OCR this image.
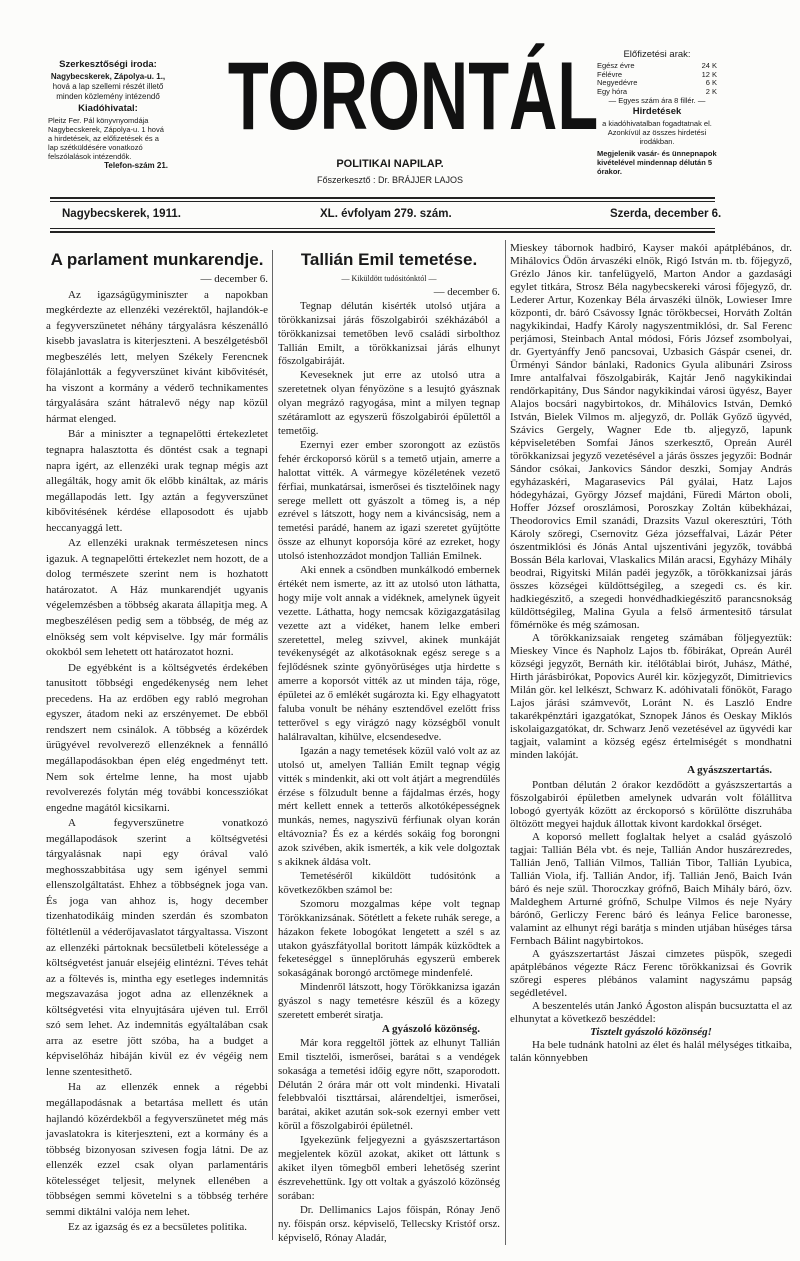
Szerkesztőségi iroda:
Nagybecskerek, Zápolya-u. 1.,
hová a lap szellemi részét illető minden közlemény intézendő
Kiadóhivatal:
Pleitz Fer. Pál könyvnyomdája Nagybecskerek, Zápolya-u. 1 hová a hirdetések, az előfizetések és a lap szétküldésére vonatkozó felszólalások intézendők.
Telefon-szám 21.
TORONTÁL
POLITIKAI NAPILAP.
Főszerkesztő : Dr. BRÁJJER LAJOS
Előfizetési arak:
Egész évre	24 K
Félévre	12 K
Negyedévre	6 K
Egy hóra	2 K
— Egyes szám ára 8 fillér. —
Hirdetések
a kiadóhivatalban fogadtatnak el. Azonkívül az összes hirdetési irodákban.
Megjelenik vasár- és ünnepnapok kivételével mindennap délután 5 órakor.
Nagybecskerek, 1911.	XL. évfolyam 279. szám.	Szerda, december 6.

A parlament munkarendje.

— december 6.

Az igazságügyminiszter a napokban megkérdezte az ellenzéki vezérektől, hajlandók-e a fegyverszünetet néhány tárgyalásra készenálló kisebb javaslatra is kiterjeszteni. A beszélgetésből megbeszélés lett, melyen Székely Ferencnek fölajánlották a fegyverszünet kivánt kibővitését, ha viszont a kormány a véderő technikamentes tárgyalására szánt hátralevő négy nap közül hármat elenged.

Bár a miniszter a tegnapelőtti értekezletet tegnapra halasztotta és döntést csak a tegnapi napra igért, az ellenzéki urak tegnap mégis azt allegálták, hogy amit ők előbb kináltak, az máris megállapodás lett. Igy aztán a fegyverszünet kibővitésének kérdése ellaposodott és ujabb heccanyaggá lett.

Az ellenzéki uraknak természetesen nincs igazuk. A tegnapelőtti értekezlet nem hozott, de a dolog természete szerint nem is hozhatott határozatot. A Ház munkarendjét ugyanis végelemzésben a többség akarata állapitja meg. A megbeszélésen pedig sem a többség, de még az elnökség sem volt képviselve. Igy már formális okokból sem lehetett ott határozatot hozni.

De egyébként is a költségvetés érdekében tanusitott többségi engedékenység nem lehet precedens. Ha az erdőben egy rabló megrohan egyszer, átadom neki az erszényemet. De ebből rendszert nem csinálok. A többség a közérdek ürügyével revolverező ellenzéknek a fennálló megállapodásokban épen elég engedményt tett. Nem sok értelme lenne, ha most ujabb revolverezés folytán még további koncessziókat engedne magától kicsikarni.

A fegyverszünetre vonatkozó megállapodások szerint a költségvetési tárgyalásnak napi egy órával való meghosszabbitása ugy sem igényel semmi ellenszolgáltatást. Ehhez a többségnek joga van. És joga van ahhoz is, hogy december tizenhatodikáig minden szerdán és szombaton föltétlenül a véderőjavaslatot tárgyaltassa. Viszont az ellenzéki pártoknak becsületbeli kötelessége a költségvetést január elsejéig elintézni. Téves tehát az a föltevés is, mintha egy esetleges indemnitás megszavazása jogot adna az ellenzéknek a költségvetési vita elnyujtására ujéven tul. Erről szó sem lehet. Az indemnitás egyáltalában csak arra az esetre jött szóba, ha a budget a képviselőház hibáján kivül ez év végéig nem lenne szentesithető.

Ha az ellenzék ennek a régebbi megállapodásnak a betartása mellett és után hajlandó közérdekből a fegyverszünetet még más javaslatokra is kiterjeszteni, ezt a kormány és a többség bizonyosan szivesen fogja látni. De az ellenzék ezzel csak olyan parlamentáris kötelességet teljesit, melynek ellenében a többségen semmi követelni s a többség terhére semmi diktálni valója nem lehet.

Ez az igazság és ez a becsületes politika.

Tallián Emil temetése.

— Kiküldött tudósitónktól —

— december 6.

Tegnap délután kisérték utolsó utjára a törökkanizsai járás főszolgabirói székházából a törökkanizsai temetőben levő családi sirbolthoz Tallián Emilt, a törökkanizsai járás elhunyt főszolgabiráját.

Keveseknek jut erre az utolsó utra a szeretetnek olyan fényözöne s a lesujtó gyásznak olyan megrázó ragyogása, mint a milyen tegnap szétáramlott az egyszerü főszolgabirói épülettől a temetőig.

Ezernyi ezer ember szorongott az ezüstös fehér érckoporsó körül s a temető utjain, amerre a halottat vitték. A vármegye közéletének vezető férfiai, munkatársai, ismerősei és tisztelőinek nagy serege mellett ott gyászolt a tömeg is, a nép ezrével s látszott, hogy nem a kiváncsiság, nem a temetési parádé, hanem az igazi szeretet gyüjtötte össze az elhunyt koporsója köré az ezreket, hogy utolsó istenhozzádot mondjon Tallián Emilnek.

Aki ennek a csöndben munkálkodó embernek értékét nem ismerte, az itt az utolsó uton láthatta, hogy mije volt annak a vidéknek, amelynek ügyeit vezette. Láthatta, hogy nemcsak közigazgatásilag vezette azt a vidéket, hanem lelke emberi szeretettel, meleg szivvel, akinek munkáját tevékenységét az alkotásoknak egész serege s a fejlődésnek szinte gyönyörüséges utja hirdette s amerre a koporsót vitték az ut minden tája, röge, épületei az ő emlékét sugározta ki. Egy elhagyatott faluba vonult be néhány esztendővel ezelőtt friss tetterővel s egy virágzó nagy községből vonult halálravaltan, kihülve, elcsendesedve.

Igazán a nagy temetések közül való volt az az utolsó ut, amelyen Tallián Emilt tegnap végig vitték s mindenkit, aki ott volt átjárt a megrendülés érzése s fölzudult benne a fájdalmas érzés, hogy mért kellett ennek a tetterős alkotóképességnek munkás, nemes, nagyszivü férfiunak olyan korán eltávoznia? És ez a kérdés sokáig fog borongni azok szivében, akik ismerték, a kik vele dolgoztak s akiknek áldása volt.

Temetéséről kiküldött tudósitónk a következőkben számol be:

Szomoru mozgalmas képe volt tegnap Törökkanizsának. Sötétlett a fekete ruhák serege, a házakon fekete lobogókat lengetett a szél s az utakon gyászfátyollal boritott lámpák küzködtek a feketeséggel s ünneplőruhás egyszerü emberek sokaságának borongó arctömege mindenfelé.

Mindenről látszott, hogy Törökkanizsa igazán gyászol s nagy temetésre készül és a közegy szeretett emberét siratja.

A gyászoló közönség.

Már kora reggeltől jöttek az elhunyt Tallián Emil tisztelői, ismerősei, barátai s a vendégek sokasága a temetési időig egyre nőtt, szaporodott. Délután 2 órára már ott volt mindenki. Hivatali felebbvalói tiszttársai, alárendeltjei, ismerősei, barátai, akiket azután sok-sok ezernyi ember vett körül a főszolgabirói épületnél.

Igyekezünk feljegyezni a gyászszertartáson megjelentek közül azokat, akiket ott láttunk s akiket ilyen tömegből emberi lehetőség szerint észrevehettünk. Igy ott voltak a gyászoló közönség sorában:

Dr. Dellimanics Lajos főispán, Rónay Jenő ny. főispán orsz. képviselő, Tellecsky Kristóf orsz. képviselő, Rónay Aladár,

Mieskey tábornok hadbiró, Kayser makói apátplébános, dr. Mihálovics Ödön árvaszéki elnök, Rigó István m. tb. főjegyző, Grézlo János kir. tanfelügyelő, Marton Andor a gazdasági egylet titkára, Strosz Béla nagybecskereki városi főjegyző, dr. Lederer Artur, Kozenkay Béla árvaszéki ülnök, Lowieser Imre központi, dr. báró Csávossy Ignác törökbecsei, Horváth Zoltán nagykikindai, Hadfy Károly nagyszentmiklósi, dr. Sal Ferenc perjámosi, Steinbach Antal módosi, Fóris József zsombolyai, dr. Gyertyánffy Jenő pancsovai, Uzbasich Gáspár csenei, dr. Ürményi Sándor bánlaki, Radonics Gyula alibunári Zsiross Imre antalfalvai főszolgabirák, Kajtár Jenő nagykikindai rendőrkapitány, Dus Sándor nagykikindai városi ügyész, Bayer Alajos bocsári nagybirtokos, dr. Mihálovics István, Demkó István, Bielek Vilmos m. aljegyző, dr. Pollák Győző ügyvéd, Szávics Gergely, Wagner Ede tb. aljegyző, lapunk képviseletében Somfai János szerkesztő, Opreán Aurél törökkanizsai jegyző vezetésével a járás összes jegyzői: Bodnár Sándor csókai, Jankovics Sándor deszki, Somjay András egyházaskéri, Magarasevics Pál gyálai, Hatz Lajos hódegyházai, György József majdáni, Füredi Márton oboli, Hoffer József oroszlámosi, Poroszkay Zoltán kübekházai, Theodorovics Emil szanádi, Drazsits Vazul okeresztúri, Tóth Károly szőregi, Csernovitz Géza józseffalvai, Lázár Péter ószentmiklósi és Jónás Antal ujszentiváni jegyzők, továbbá Bossán Béla karlovai, Vlaskalics Milán aracsi, Egyházy Mihály beodrai, Rigyitski Milán padéi jegyzők, a törökkanizsai járás összes községei küldöttségileg, a szegedi cs. és kir. hadkiegészitő, a szegedi honvédhadkiegészitő parancsnokság küldöttségileg, Malina Gyula a felső ármentesitő társulat főmérnöke és még számosan.

A törökkanizsaiak rengeteg számában följegyeztük: Mieskey Vince és Napholz Lajos tb. főbirákat, Opreán Aurél községi jegyzőt, Bernáth kir. itélőtáblai birót, Juhász, Máthé, Hirth járásbirókat, Popovics Aurél kir. közjegyzőt, Dimitrievics Milán gör. kel lelkészt, Schwarz K. adóhivatali főnököt, Farago Lajos járási számvevőt, Loránt N. és Laszló Endre takarékpénztári igazgatókat, Sznopek János és Oeskay Miklós iskolaigazgatókat, dr. Schwarz Jenő vezetésével az ügyvédi kar tagjait, valamint a község egész értelmiségét s mondhatni minden lakóját.

A gyászszertartás.

Pontban délután 2 órakor kezdődött a gyászszertartás a főszolgabirói épületben amelynek udvarán volt fölállitva lobogó gyertyák között az érckoporsó s körülötte diszruhába öltözött megyei hajduk állottak kivont kardokkal őrséget.

A koporsó mellett foglaltak helyet a család gyászoló tagjai: Tallián Béla vbt. és neje, Tallián Andor huszárezredes, Tallián Jenő, Tallián Vilmos, Tallián Tibor, Tallián Lyubica, Tallián Viola, ifj. Tallián Andor, ifj. Tallián Jenő, Baich Iván báró és neje szül. Thoroczkay grófnő, Baich Mihály báró, özv. Maldeghem Arturné grófnő, Schulpe Vilmos és neje Nyáry bárónő, Gerliczy Ferenc báró és leánya Felice baronesse, valamint az elhunyt régi barátja s minden utjában hüséges társa Fernbach Bálint nagybirtokos.

A gyászszertartást Jászai cimzetes püspök, szegedi apátplébános végezte Rácz Ferenc törökkanizsai és Govrik szőregi esperes plébános valamint nagyszámu papság segédletével.

A beszentelés után Jankó Ágoston alispán bucsuztatta el az elhunytat a következő beszéddel:

Tisztelt gyászoló közönség!

Ha bele tudnánk hatolni az élet és halál mélységes titkaiba, talán könnyebben
